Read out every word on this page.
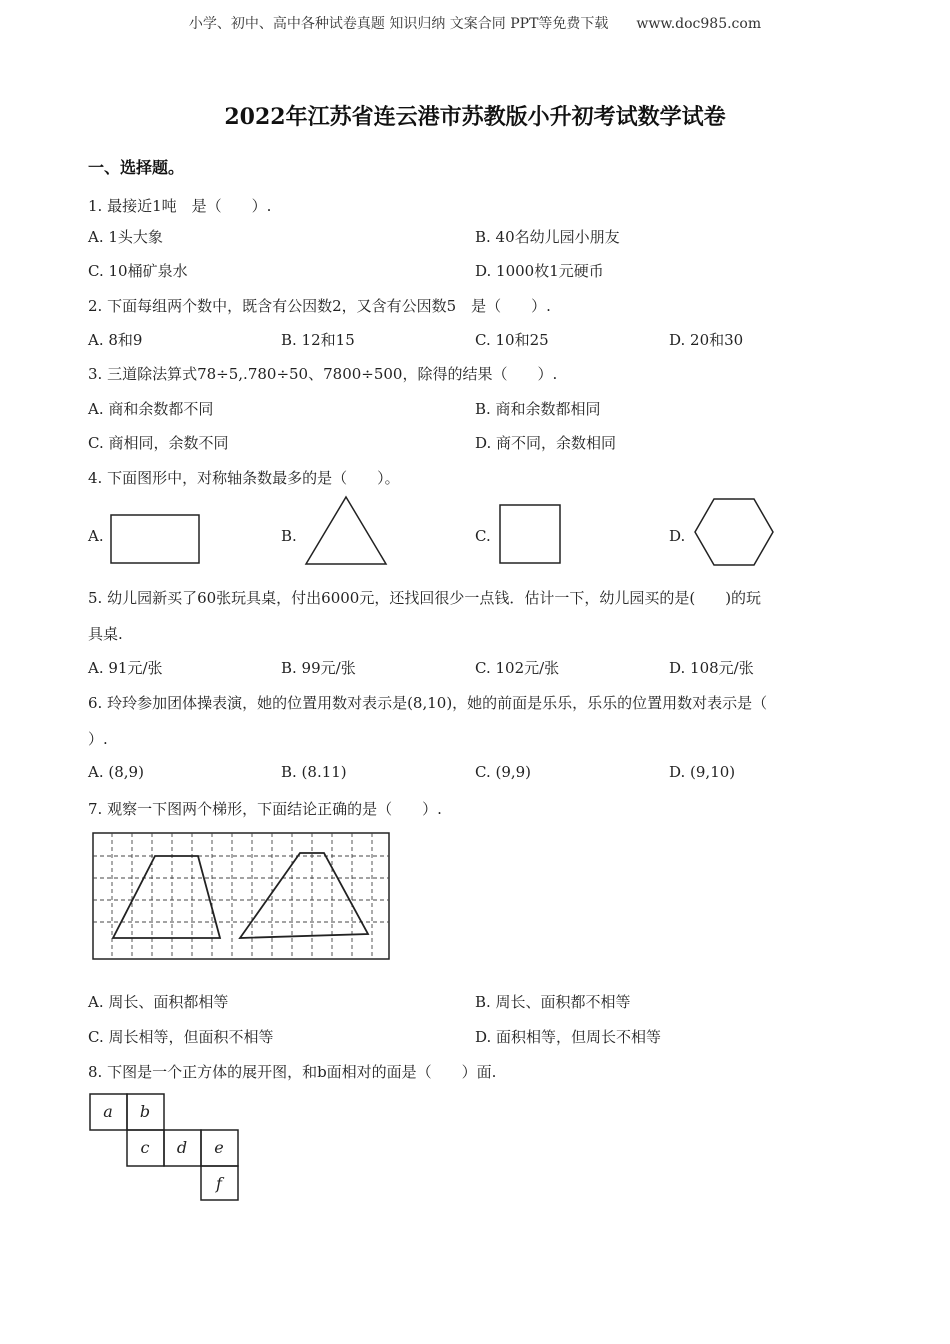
小学、初中、高中各种试卷真题 知识归纳 文案合同 PPT等免费下载　　www.doc985.com
2022年江苏省连云港市苏教版小升初考试数学试卷
一、选择题。
1. 最接近1吨　是（　　）.
A. 1头大象	B. 40名幼儿园小朋友
C. 10桶矿泉水	D. 1000枚1元硬币
2. 下面每组两个数中，既含有公因数2，又含有公因数5　是（　　）.
A. 8和9	B. 12和15	C. 10和25	D. 20和30
3. 三道除法算式78÷5,.780÷50、7800÷500，除得的结果（　　）.
A. 商和余数都不同	B. 商和余数都相同
C. 商相同，余数不同	D. 商不同，余数相同
4. 下面图形中，对称轴条数最多的是（　　）。
A.	B.	C.	D.
5. 幼儿园新买了60张玩具桌，付出6000元，还找回很少一点钱．估计一下，幼儿园买的是(　　)的玩
具桌.
A. 91元/张	B. 99元/张	C. 102元/张	D. 108元/张
6. 玲玲参加团体操表演，她的位置用数对表示是(8,10)，她的前面是乐乐，乐乐的位置用数对表示是（
）.
A. (8,9)	B. (8.11)	C. (9,9)	D. (9,10)
7. 观察一下图两个梯形，下面结论正确的是（　　）.
A. 周长、面积都相等	B. 周长、面积都不相等
C. 周长相等，但面积不相等	D. 面积相等，但周长不相等
8. 下图是一个正方体的展开图，和b面相对的面是（　　）面.
a b
c d e
f
